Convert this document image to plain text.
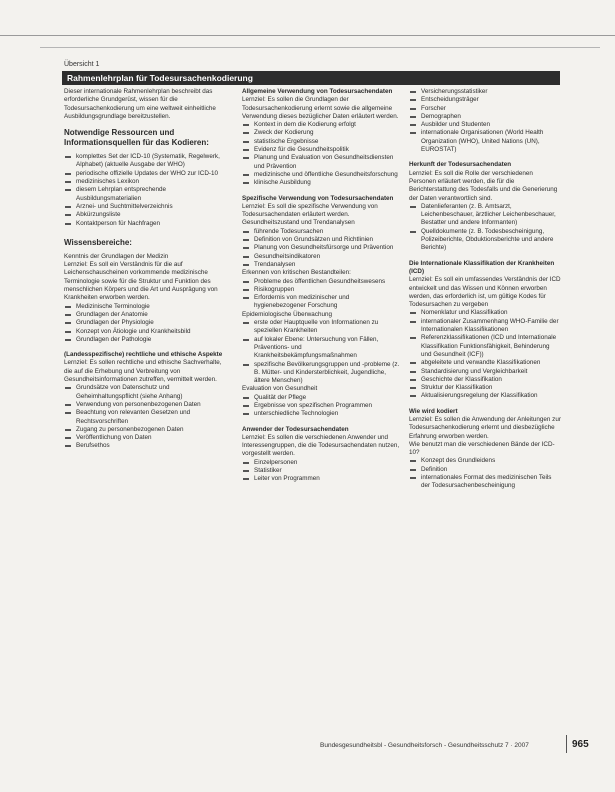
Übersicht 1
Rahmenlehrplan für Todesursachenkodierung

Dieser internationale Rahmenlehrplan beschreibt das erforderliche Grundgerüst, wissen für die Todesursachenkodierung um eine weltweit einheitliche Ausbildungsgrundlage bereitzustellen.

Notwendige Ressourcen und Informationsquellen für das Kodieren:

komplettes Set der ICD-10 (Systematik, Regelwerk, Alphabet) (aktuelle Ausgabe der WHO)
periodische offizielle Updates der WHO zur ICD-10
medizinisches Lexikon
diesem Lehrplan entsprechende Ausbildungsmaterialien
Arznei- und Suchtmittelverzeichnis
Abkürzungsliste
Kontaktperson für Nachfragen

Wissensbereiche:

Kenntnis der Grundlagen der Medizin

Lernziel: Es soll ein Verständnis für die auf Leichenschauscheinen vorkommende medizinische Terminologie sowie für die Struktur und Funktion des menschlichen Körpers und die Art und Ausprägung von Krankheiten erworben werden.

Medizinische Terminologie
Grundlagen der Anatomie
Grundlagen der Physiologie
Konzept von Ätiologie und Krankheitsbild
Grundlagen der Pathologie

(Landesspezifische) rechtliche und ethische Aspekte

Lernziel: Es sollen rechtliche und ethische Sachverhalte, die auf die Erhebung und Verbreitung von Gesundheitsinformationen zutreffen, vermittelt werden.

Grundsätze von Datenschutz und Geheimhaltungspflicht (siehe Anhang)
Verwendung von personenbezogenen Daten
Beachtung von relevanten Gesetzen und Rechtsvorschriften
Zugang zu personenbezogenen Daten
Veröffentlichung von Daten
Berufsethos

Allgemeine Verwendung von Todesursachendaten

Lernziel: Es sollen die Grundlagen der Todesursachenkodierung erlernt sowie die allgemeine Verwendung dieses bezüglicher Daten erläutert werden.

Kontext in dem die Kodierung erfolgt
Zweck der Kodierung
statistische Ergebnisse
Evidenz für die Gesundheitspolitik
Planung und Evaluation von Gesundheitsdiensten und Prävention
medizinische und öffentliche Gesundheitsforschung
klinische Ausbildung

Spezifische Verwendung von Todesursachendaten

Lernziel: Es soll die spezifische Verwendung von Todesursachendaten erläutert werden.

Gesundheitszustand und Trendanalysen

führende Todesursachen
Definition von Grundsätzen und Richtlinien
Planung von Gesundheitsfürsorge und Prävention
Gesundheitsindikatoren
Trendanalysen

Erkennen von kritischen Bestandteilen:

Probleme des öffentlichen Gesundheitswesens
Risikogruppen
Erfordernis von medizinischer und hygienebezogener Forschung

Epidemiologische Überwachung

erste oder Hauptquelle von Informationen zu speziellen Krankheiten
auf lokaler Ebene: Untersuchung von Fällen, Präventions- und Krankheitsbekämpfungsmaßnahmen
spezifische Bevölkerungsgruppen und -probleme (z. B. Mütter- und Kindersterblichkeit, Jugendliche, ältere Menschen)

Evaluation von Gesundheit

Qualität der Pflege
Ergebnisse von spezifischen Programmen
unterschiedliche Technologien

Anwender der Todesursachendaten

Lernziel: Es sollen die verschiedenen Anwender und Interessengruppen, die die Todesursachendaten nutzen, vorgestellt werden.

Einzelpersonen
Statistiker
Leiter von Programmen
Versicherungsstatistiker
Entscheidungsträger
Forscher
Demographen
Ausbilder und Studenten
internationale Organisationen (World Health Organization (WHO), United Nations (UN), EUROSTAT)

Herkunft der Todesursachendaten

Lernziel: Es soll die Rolle der verschiedenen Personen erläutert werden, die für die Berichterstattung des Todesfalls und die Generierung der Daten verantwortlich sind.

Datenlieferanten (z. B. Amtsarzt, Leichenbeschauer, ärztlicher Leichenbeschauer, Bestatter und andere Informanten)
Quelldokumente (z. B. Todesbescheinigung, Polizeiberichte, Obduktionsberichte und andere Berichte)

Die Internationale Klassifikation der Krankheiten (ICD)

Lernziel: Es soll ein umfassendes Verständnis der ICD entwickelt und das Wissen und Können erworben werden, das erforderlich ist, um gültige Kodes für Todesursachen zu vergeben

Nomenklatur und Klassifikation
internationaler Zusammenhang WHO-Familie der Internationalen Klassifikationen
Referenzklassifikationen (ICD und Internationale Klassifikation Funktionsfähigkeit, Behinderung und Gesundheit (ICF))
abgeleitete und verwandte Klassifikationen
Standardisierung und Vergleichbarkeit
Geschichte der Klassifikation
Struktur der Klassifikation
Aktualisierungsregelung der Klassifikation

Wie wird kodiert

Lernziel: Es sollen die Anwendung der Anleitungen zur Todesursachenkodierung erlernt und diesbezügliche Erfahrung erworben werden.

Wie benutzt man die verschiedenen Bände der ICD-10?

Konzept des Grundleidens
Definition
internationales Format des medizinischen Teils der Todesursachenbescheinigung
Bundesgesundheitsbl - Gesundheitsforsch - Gesundheitsschutz 7 · 2007	965
